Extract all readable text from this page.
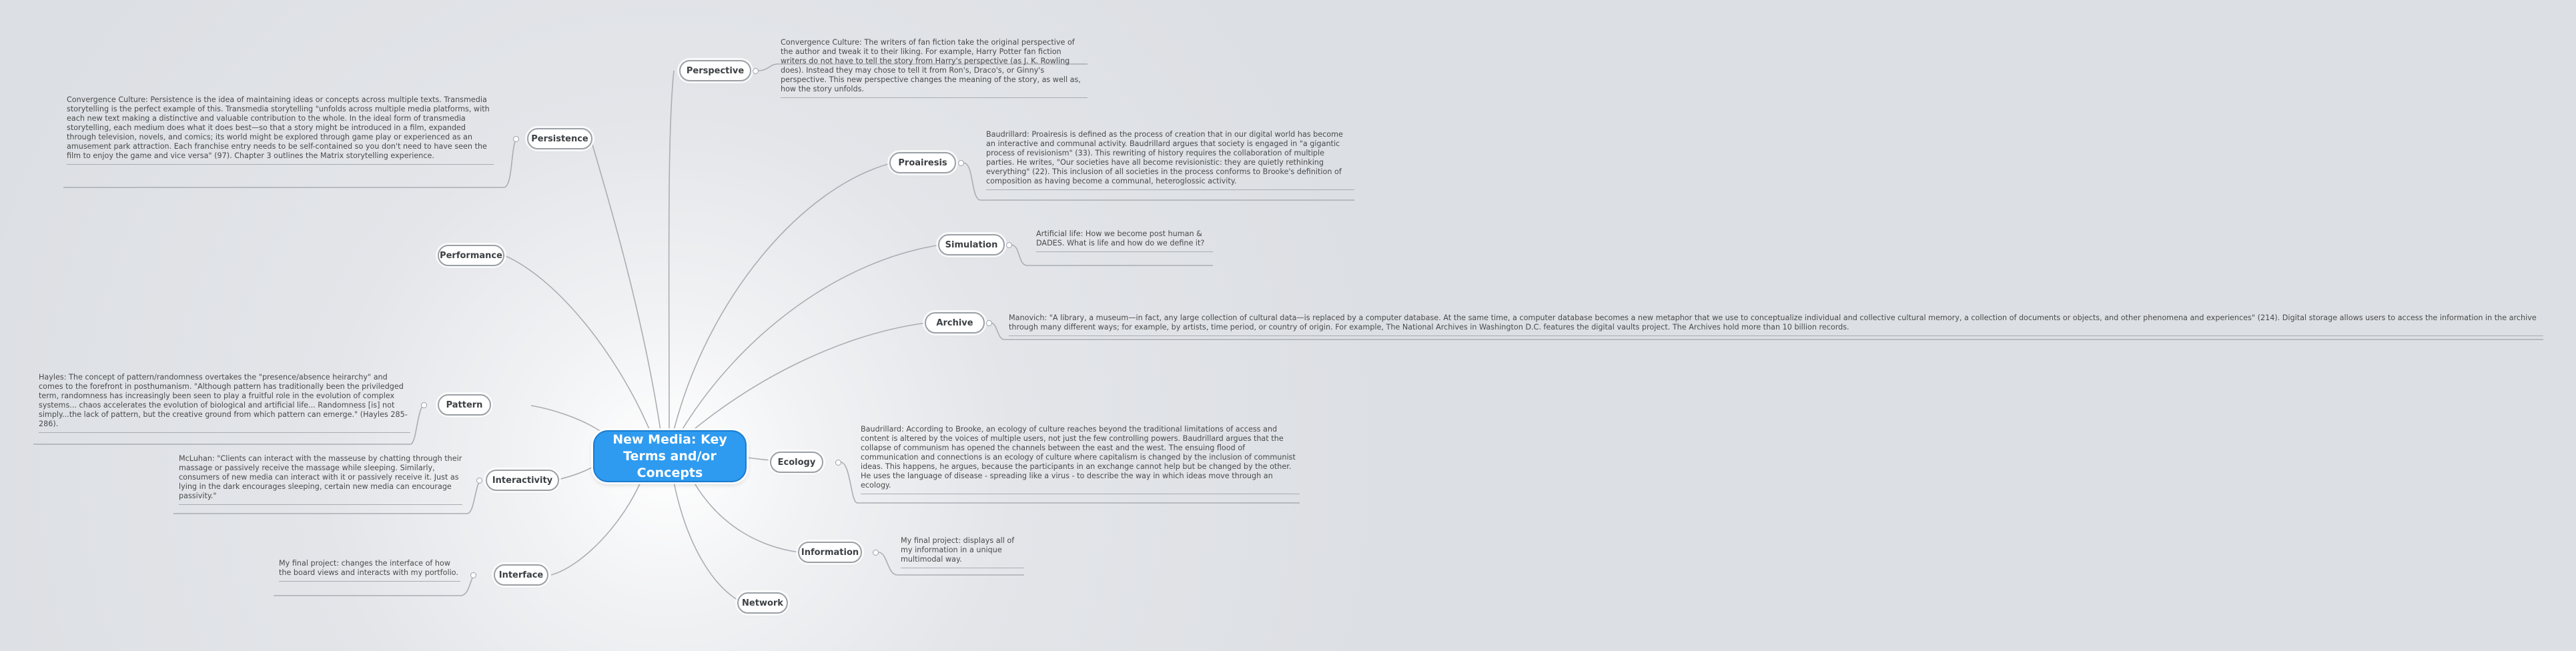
New Media: Key Terms and/or Concepts
Perspective
Persistence
Proairesis
Simulation
Performance
Archive
Pattern
Ecology
Interactivity
Information
Interface
Network
Convergence Culture: The writers of fan fiction take the original perspective of the author and tweak it to their liking. For example, Harry Potter fan fiction writers do not have to tell the story from Harry's perspective (as J. K. Rowling does). Instead they may chose to tell it from Ron's, Draco's, or Ginny's perspective. This new perspective changes the meaning of the story, as well as, how the story unfolds.
Convergence Culture: Persistence is the idea of maintaining ideas or concepts across multiple texts. Transmedia storytelling is the perfect example of this. Transmedia storytelling "unfolds across multiple media platforms, with each new text making a distinctive and valuable contribution to the whole. In the ideal form of transmedia storytelling, each medium does what it does best—so that a story might be introduced in a film, expanded through television, novels, and comics; its world might be explored through game play or experienced as an amusement park attraction. Each franchise entry needs to be self-contained so you don't need to have seen the film to enjoy the game and vice versa" (97). Chapter 3 outlines the Matrix storytelling experience.
Baudrillard: Proairesis is defined as the process of creation that in our digital world has become an interactive and communal activity. Baudrillard argues that society is engaged in "a gigantic process of revisionism" (33). This rewriting of history requires the collaboration of multiple parties. He writes, "Our societies have all become revisionistic: they are quietly rethinking everything" (22). This inclusion of all societies in the process conforms to Brooke's definition of composition as having become a communal, heteroglossic activity.
Artificial life: How we become post human & DADES. What is life and how do we define it?
Manovich: "A library, a museum—in fact, any large collection of cultural data—is replaced by a computer database. At the same time, a computer database becomes a new metaphor that we use to conceptualize individual and collective cultural memory, a collection of documents or objects, and other phenomena and experiences" (214). Digital storage allows users to access the information in the archive through many different ways; for example, by artists, time period, or country of origin. For example, The National Archives in Washington D.C. features the digital vaults project. The Archives hold more than 10 billion records.
Hayles: The concept of pattern/randomness overtakes the "presence/absence heirarchy" and comes to the forefront in posthumanism. "Although pattern has traditionally been the priviledged term, randomness has increasingly been seen to play a fruitful role in the evolution of complex systems... chaos accelerates the evolution of biological and artificial life... Randomness [is] not simply...the lack of pattern, but the creative ground from which pattern can emerge." (Hayles 285-286).
Baudrillard: According to Brooke, an ecology of culture reaches beyond the traditional limitations of access and content is altered by the voices of multiple users, not just the few controlling powers. Baudrillard argues that the collapse of communism has opened the channels between the east and the west. The ensuing flood of communication and connections is an ecology of culture where capitalism is changed by the inclusion of communist ideas. This happens, he argues, because the participants in an exchange cannot help but be changed by the other. He uses the language of disease - spreading like a virus - to describe the way in which ideas move through an ecology.
McLuhan: "Clients can interact with the masseuse by chatting through their massage or passively receive the massage while sleeping. Similarly, consumers of new media can interact with it or passively receive it. Just as lying in the dark encourages sleeping, certain new media can encourage passivity."
My final project: displays all of my information in a unique multimodal way.
My final project: changes the interface of how the board views and interacts with my portfolio.
